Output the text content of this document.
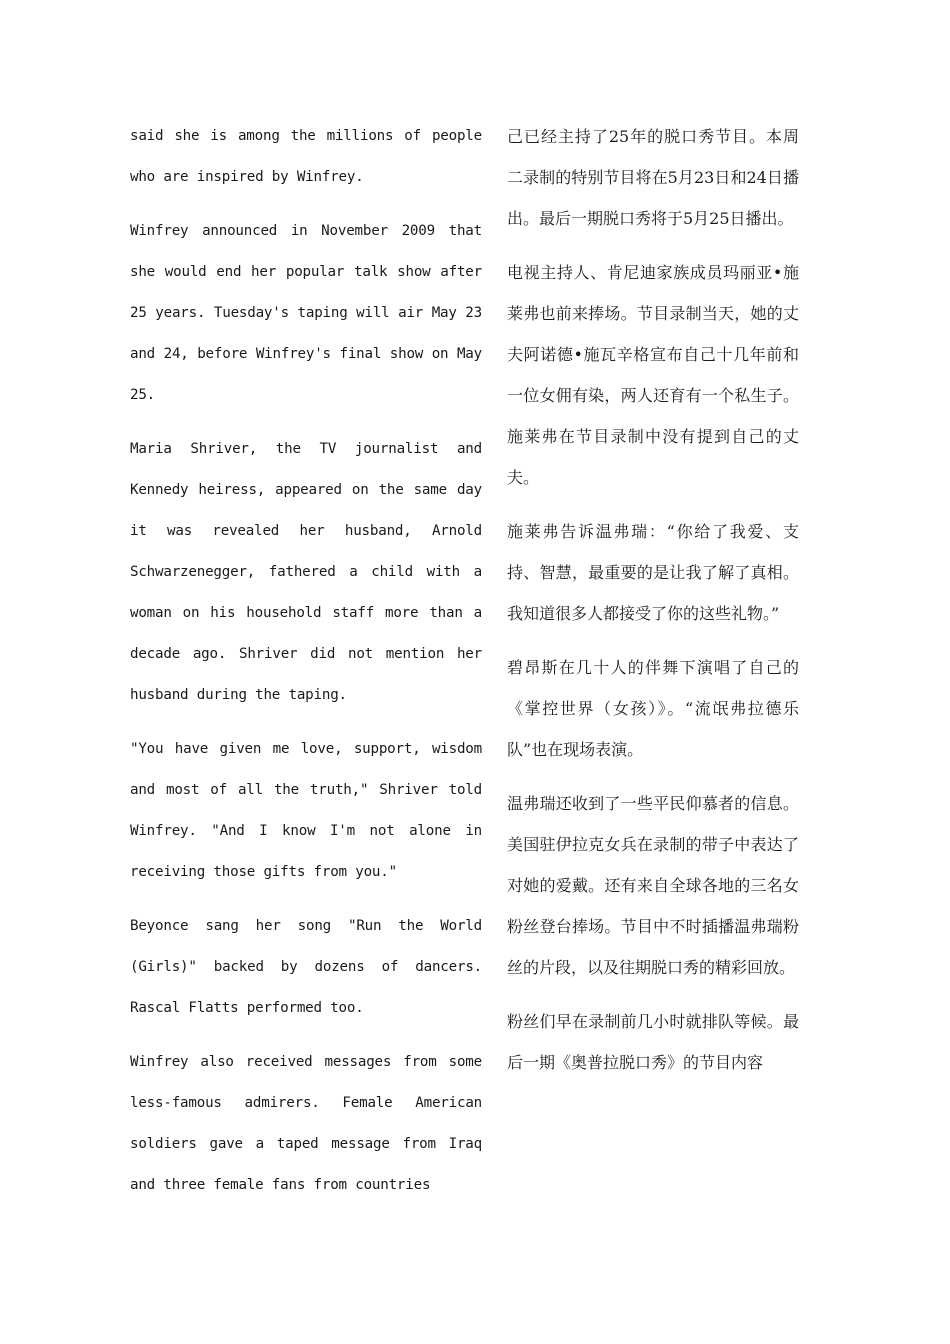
said she is among the millions of people who are inspired by Winfrey.

Winfrey announced in November 2009 that she would end her popular talk show after 25 years. Tuesday's taping will air May 23 and 24, before Winfrey's final show on May 25.

Maria Shriver, the TV journalist and Kennedy heiress, appeared on the same day it was revealed her husband, Arnold Schwarzenegger, fathered a child with a woman on his household staff more than a decade ago. Shriver did not mention her husband during the taping.

"You have given me love, support, wisdom and most of all the truth," Shriver told Winfrey. "And I know I'm not alone in receiving those gifts from you."

Beyonce sang her song "Run the World (Girls)" backed by dozens of dancers. Rascal Flatts performed too.

Winfrey also received messages from some less-famous admirers. Female American soldiers gave a taped message from Iraq and three female fans from countries

己已经主持了25年的脱口秀节目。本周二录制的特别节目将在5月23日和24日播出。最后一期脱口秀将于5月25日播出。

电视主持人、肯尼迪家族成员玛丽亚•施莱弗也前来捧场。节目录制当天，她的丈夫阿诺德•施瓦辛格宣布自己十几年前和一位女佣有染，两人还育有一个私生子。施莱弗在节目录制中没有提到自己的丈夫。

施莱弗告诉温弗瑞：“你给了我爱、支持、智慧，最重要的是让我了解了真相。我知道很多人都接受了你的这些礼物。”

碧昂斯在几十人的伴舞下演唱了自己的《掌控世界（女孩）》。“流氓弗拉德乐队”也在现场表演。

温弗瑞还收到了一些平民仰慕者的信息。美国驻伊拉克女兵在录制的带子中表达了对她的爱戴。还有来自全球各地的三名女粉丝登台捧场。节目中不时插播温弗瑞粉丝的片段，以及往期脱口秀的精彩回放。

粉丝们早在录制前几小时就排队等候。最后一期《奥普拉脱口秀》的节目内容
